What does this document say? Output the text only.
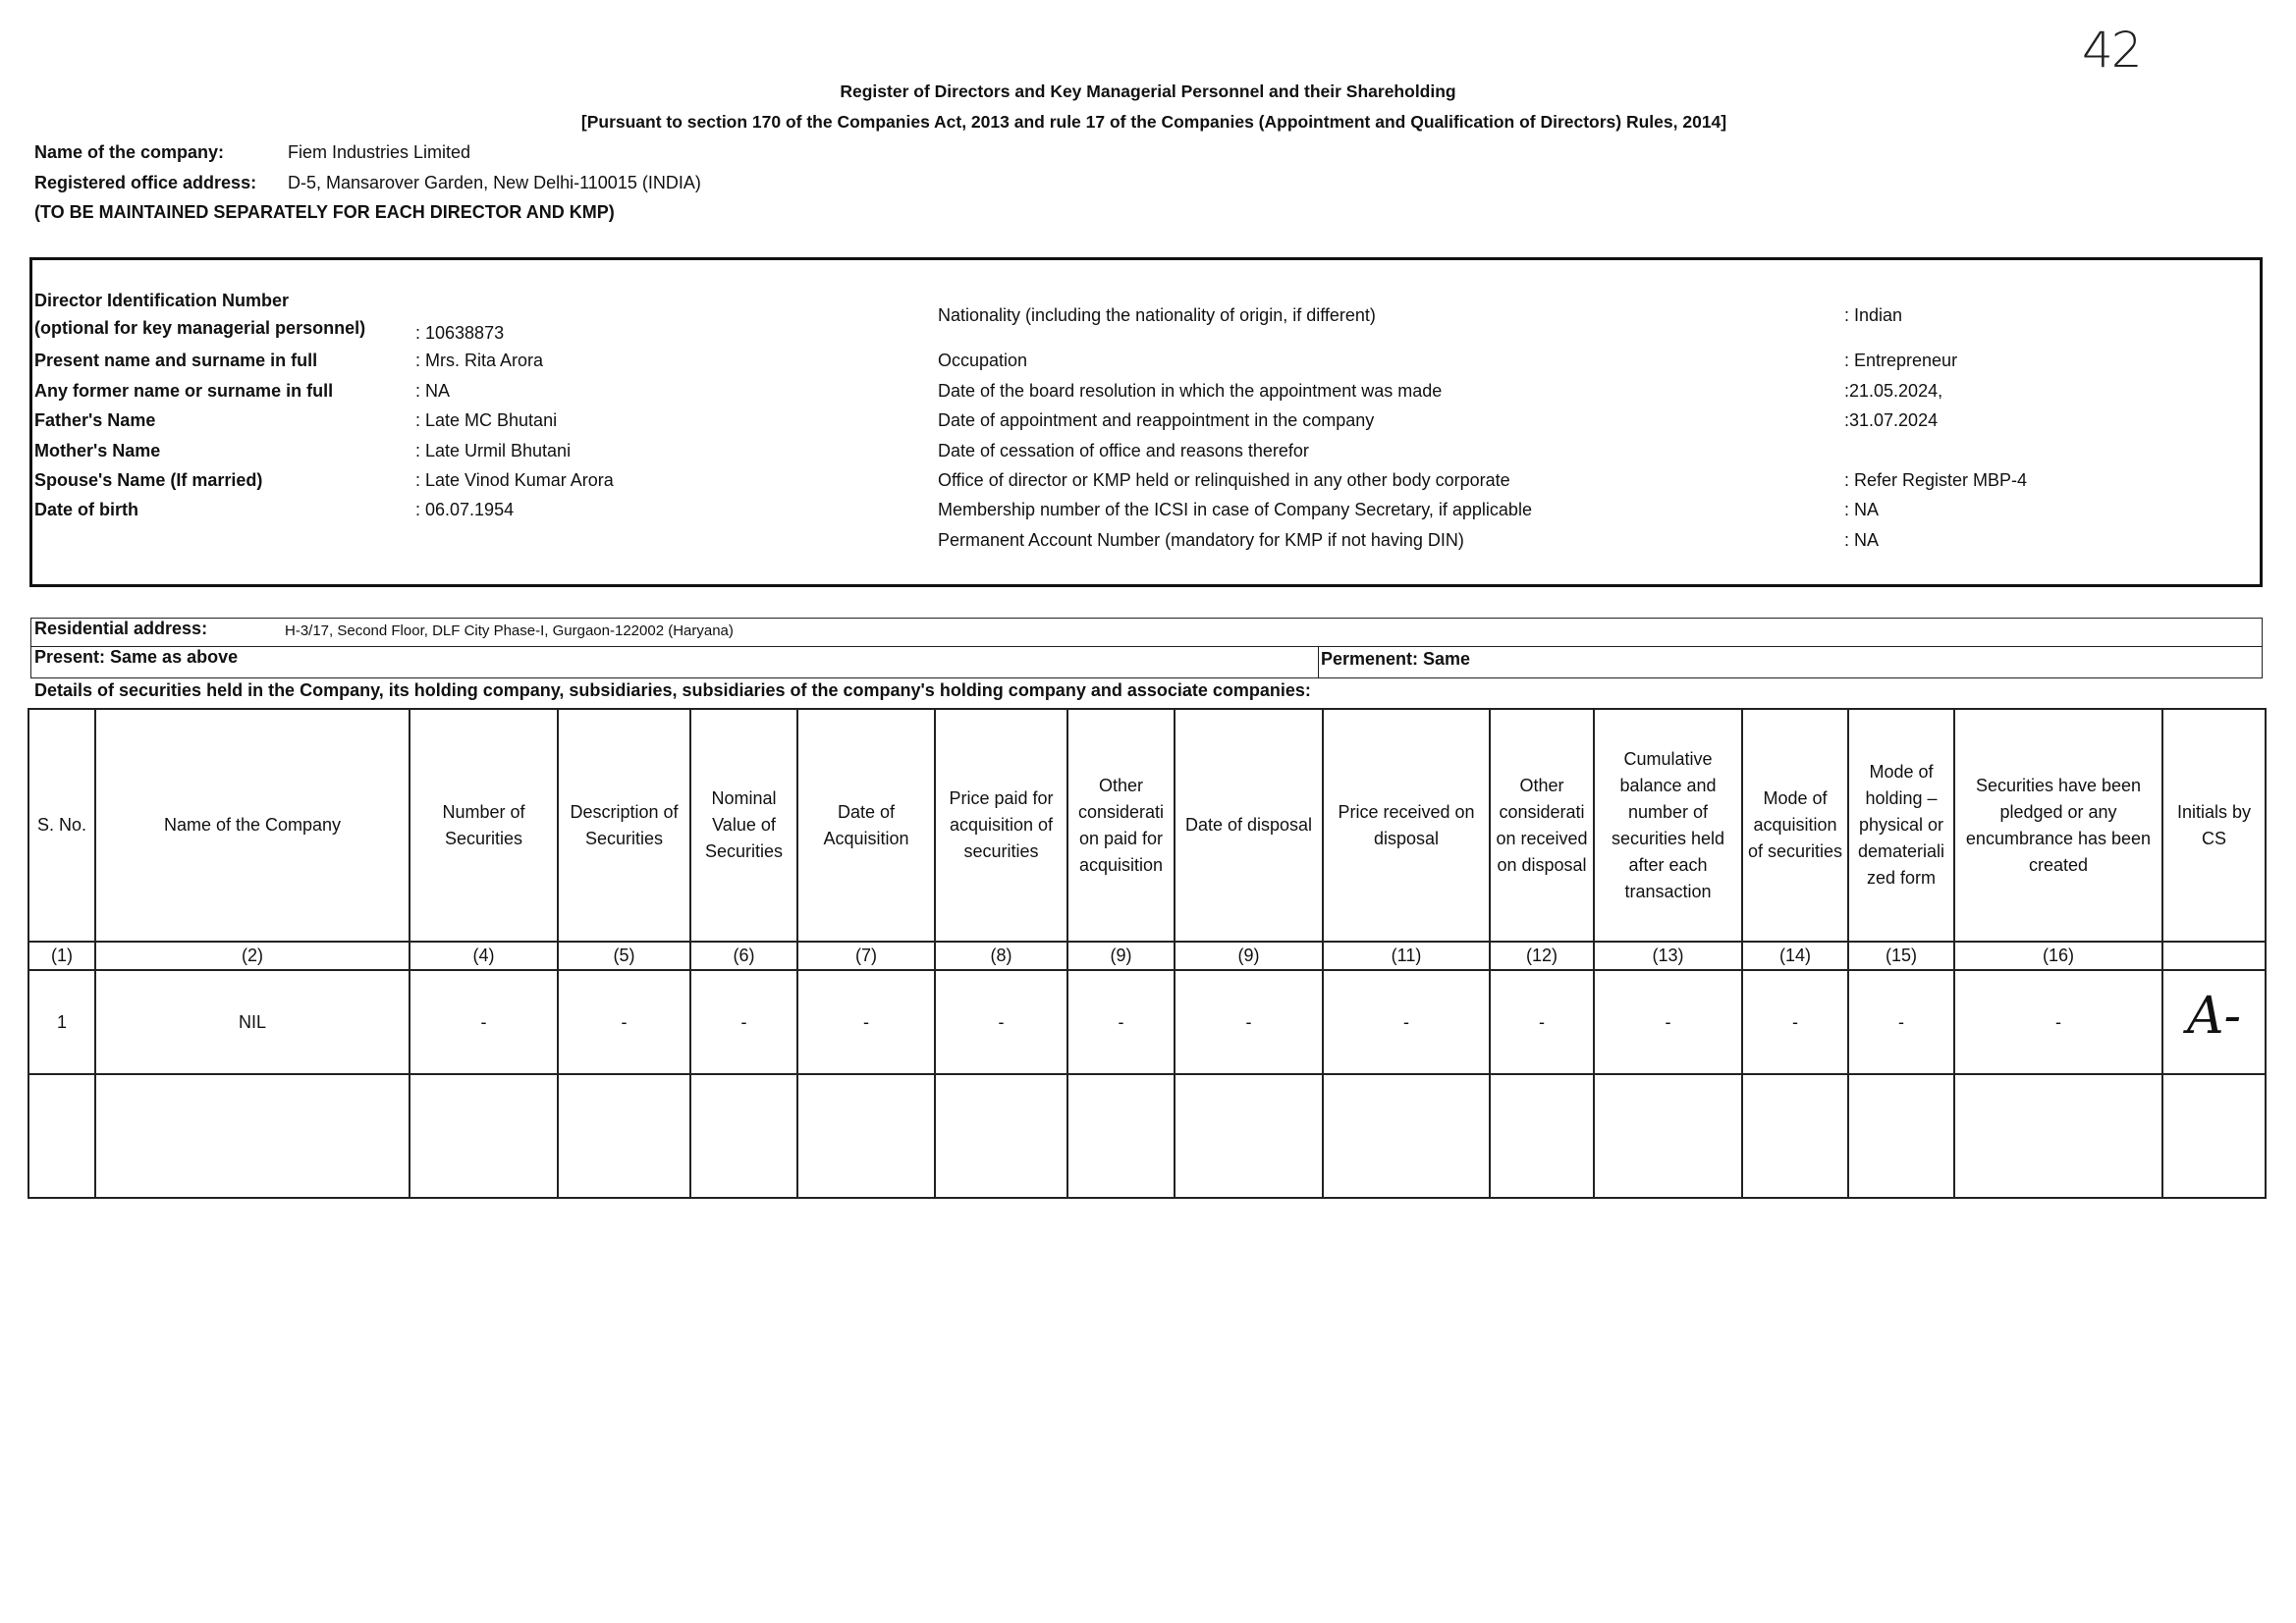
42
Register of Directors and Key Managerial Personnel and their Shareholding
[Pursuant to section 170 of the Companies Act, 2013 and rule 17 of the Companies (Appointment and Qualification of Directors) Rules, 2014]
Name of the company:	Fiem Industries Limited
Registered office address: D-5, Mansarover Garden, New Delhi-110015 (INDIA)
(TO BE MAINTAINED SEPARATELY FOR EACH DIRECTOR AND KMP)
Director Identification Number
(optional for key managerial personnel)	: 10638873
Present name and surname in full	: Mrs. Rita Arora
Any former name or surname in full	: NA
Father's Name	: Late MC Bhutani
Mother's Name	: Late Urmil Bhutani
Spouse's Name (If married)	: Late Vinod Kumar Arora
Date of birth	: 06.07.1954
Nationality (including the nationality of origin, if different)	: Indian
Occupation	: Entrepreneur
Date of the board resolution in which the appointment was made	:21.05.2024,
Date of appointment and reappointment in the company	:31.07.2024
Date of cessation of office and reasons therefor
Office of director or KMP held or relinquished in any other body corporate	: Refer Register MBP-4
Membership number of the ICSI in case of Company Secretary, if applicable	: NA
Permanent Account Number (mandatory for KMP if not having DIN)	: NA
Residential address:	H-3/17, Second Floor, DLF City Phase-I, Gurgaon-122002 (Haryana)
Present: Same as above	Permenent: Same
Details of securities held in the Company, its holding company, subsidiaries, subsidiaries of the company's holding company and associate companies:
S. No.	Name of the Company	Number of Securities	Description of Securities	Nominal Value of Securities	Date of Acquisition	Price paid for acquisition of securities	Other considerati on paid for acquisition	Date of disposal	Price received on disposal	Other considerati on received on disposal	Cumulative balance and number of securities held after each transaction	Mode of acquisition of securities	Mode of holding – physical or demateriali zed form	Securities have been pledged or any encumbrance has been created	Initials by CS
(1)	(2)	(4)	(5)	(6)	(7)	(8)	(9)	(9)	(11)	(12)	(13)	(14)	(15)	(16)	
1	NIL	-	-	-	-	-	-	-	-	-	-	-	-	-	A-
